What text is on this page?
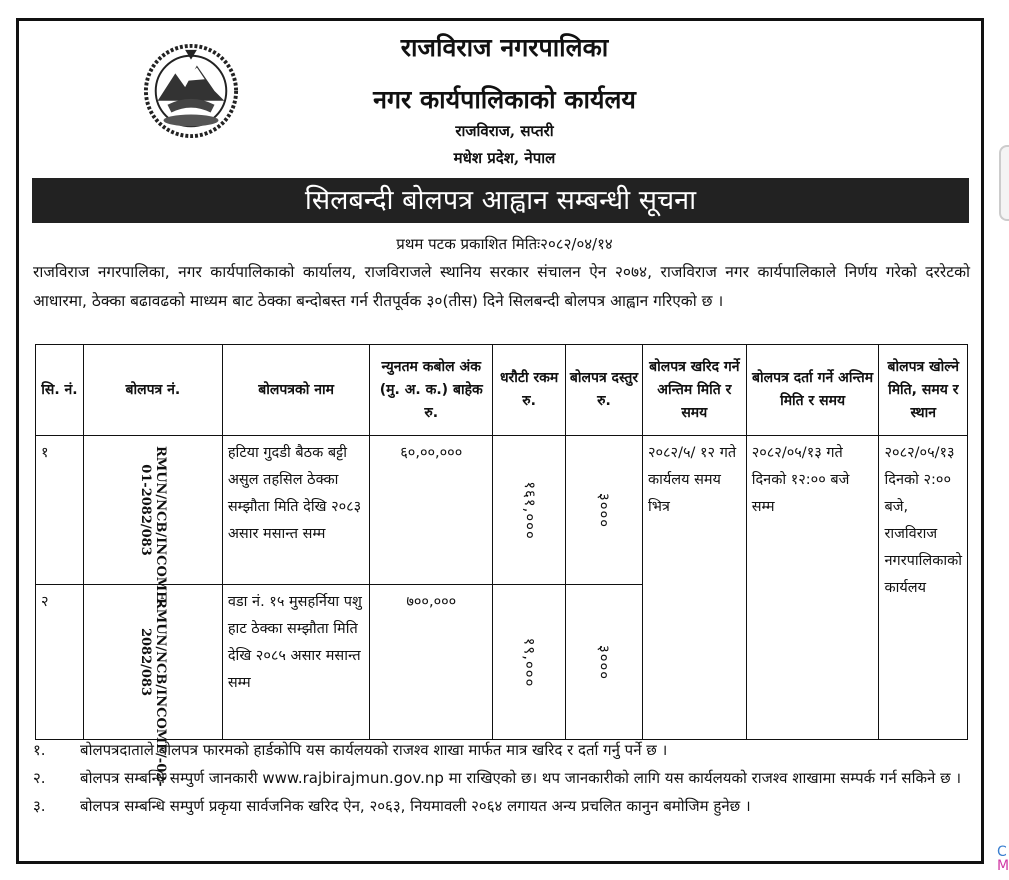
राजविराज नगरपालिका
नगर कार्यपालिकाको कार्यलय
राजविराज, सप्तरी
मधेश प्रदेश, नेपाल
सिलबन्दी बोलपत्र आह्वान सम्बन्धी सूचना
प्रथम पटक प्रकाशित मितिः२०८२/०४/१४
राजविराज नगरपालिका, नगर कार्यपालिकाको कार्यालय, राजविराजले स्थानिय सरकार संचालन ऐन २०७४, राजविराज नगर कार्यपालिकाले निर्णय गरेको दररेटको आधारमा, ठेक्का बढावढको माध्यम बाट ठेक्का बन्दोबस्त गर्न रीतपूर्वक ३०(तीस) दिने सिलबन्दी बोलपत्र आह्वान गरिएको छ ।
सि. नं.	बोलपत्र नं.	बोलपत्रको नाम	न्युनतम कबोल अंक (मु. अ. क.) बाहेक रु.	धरौटी रकम रु.	बोलपत्र दस्तुर रु.	बोलपत्र खरिद गर्ने अन्तिम मिति र समय	बोलपत्र दर्ता गर्ने अन्तिम मिति र समय	बोलपत्र खोल्ने मिति, समय र स्थान
१	RMUN/NCB/INCOME-01-2082/083	हटिया गुदडी बैठक बट्टी असुल तहसिल ठेक्का सम्झौता मिति देखि २०८३ असार मसान्त सम्म	६०,००,०००	१६१,०००	३०००	२०८२/५/ १२ गते कार्यलय समय भित्र	२०८२/०५/१३ गते दिनको १२:०० बजे सम्म	२०८२/०५/१३ दिनको २:०० बजे, राजविराज नगरपालिकाको कार्यलय
२	RMUN/NCB/INCOME/-02-2082/083	वडा नं. १५ मुसहर्निया पशु हाट ठेक्का सम्झौता मिति देखि २०८५ असार मसान्त सम्म	७००,०००	१९,०००	३०००			
१.	बोलपत्रदाताले बोलपत्र फारमको हार्डकोपि यस कार्यलयको राजश्व शाखा मार्फत मात्र खरिद र दर्ता गर्नु पर्ने छ ।
२.	बोलपत्र सम्बन्धि सम्पुर्ण जानकारी www.rajbirajmun.gov.np मा राखिएको छ। थप जानकारीको लागि यस कार्यलयको राजश्व शाखामा सम्पर्क गर्न सकिने छ ।
३.	बोलपत्र सम्बन्धि सम्पुर्ण प्रकृया सार्वजनिक खरिद ऐन, २०६३, नियमावली २०६४ लगायत अन्य प्रचलित कानुन बमोजिम हुनेछ ।
C
M
